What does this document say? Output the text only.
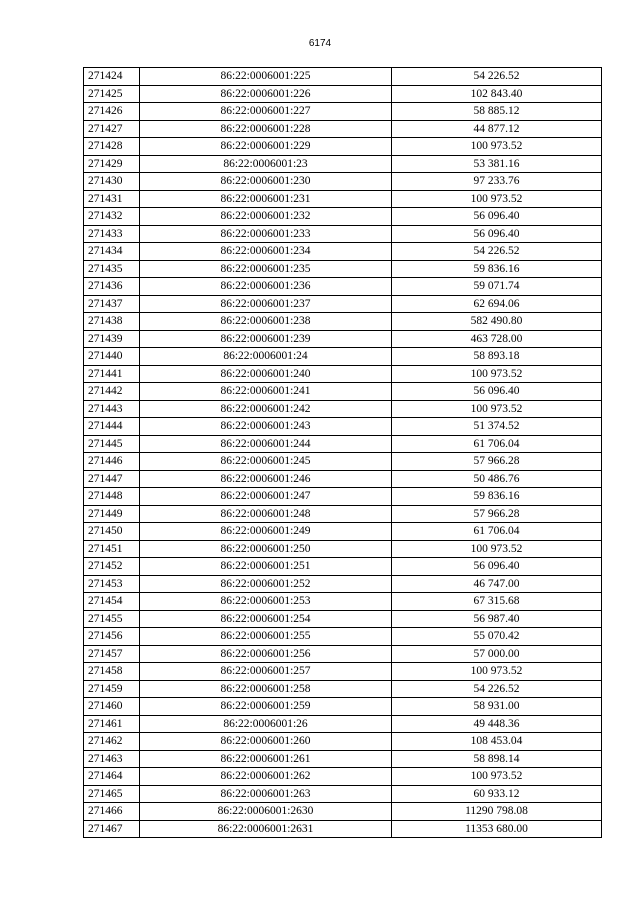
6174
271424	86:22:0006001:225	54 226.52
271425	86:22:0006001:226	102 843.40
271426	86:22:0006001:227	58 885.12
271427	86:22:0006001:228	44 877.12
271428	86:22:0006001:229	100 973.52
271429	86:22:0006001:23	53 381.16
271430	86:22:0006001:230	97 233.76
271431	86:22:0006001:231	100 973.52
271432	86:22:0006001:232	56 096.40
271433	86:22:0006001:233	56 096.40
271434	86:22:0006001:234	54 226.52
271435	86:22:0006001:235	59 836.16
271436	86:22:0006001:236	59 071.74
271437	86:22:0006001:237	62 694.06
271438	86:22:0006001:238	582 490.80
271439	86:22:0006001:239	463 728.00
271440	86:22:0006001:24	58 893.18
271441	86:22:0006001:240	100 973.52
271442	86:22:0006001:241	56 096.40
271443	86:22:0006001:242	100 973.52
271444	86:22:0006001:243	51 374.52
271445	86:22:0006001:244	61 706.04
271446	86:22:0006001:245	57 966.28
271447	86:22:0006001:246	50 486.76
271448	86:22:0006001:247	59 836.16
271449	86:22:0006001:248	57 966.28
271450	86:22:0006001:249	61 706.04
271451	86:22:0006001:250	100 973.52
271452	86:22:0006001:251	56 096.40
271453	86:22:0006001:252	46 747.00
271454	86:22:0006001:253	67 315.68
271455	86:22:0006001:254	56 987.40
271456	86:22:0006001:255	55 070.42
271457	86:22:0006001:256	57 000.00
271458	86:22:0006001:257	100 973.52
271459	86:22:0006001:258	54 226.52
271460	86:22:0006001:259	58 931.00
271461	86:22:0006001:26	49 448.36
271462	86:22:0006001:260	108 453.04
271463	86:22:0006001:261	58 898.14
271464	86:22:0006001:262	100 973.52
271465	86:22:0006001:263	60 933.12
271466	86:22:0006001:2630	11290 798.08
271467	86:22:0006001:2631	11353 680.00
